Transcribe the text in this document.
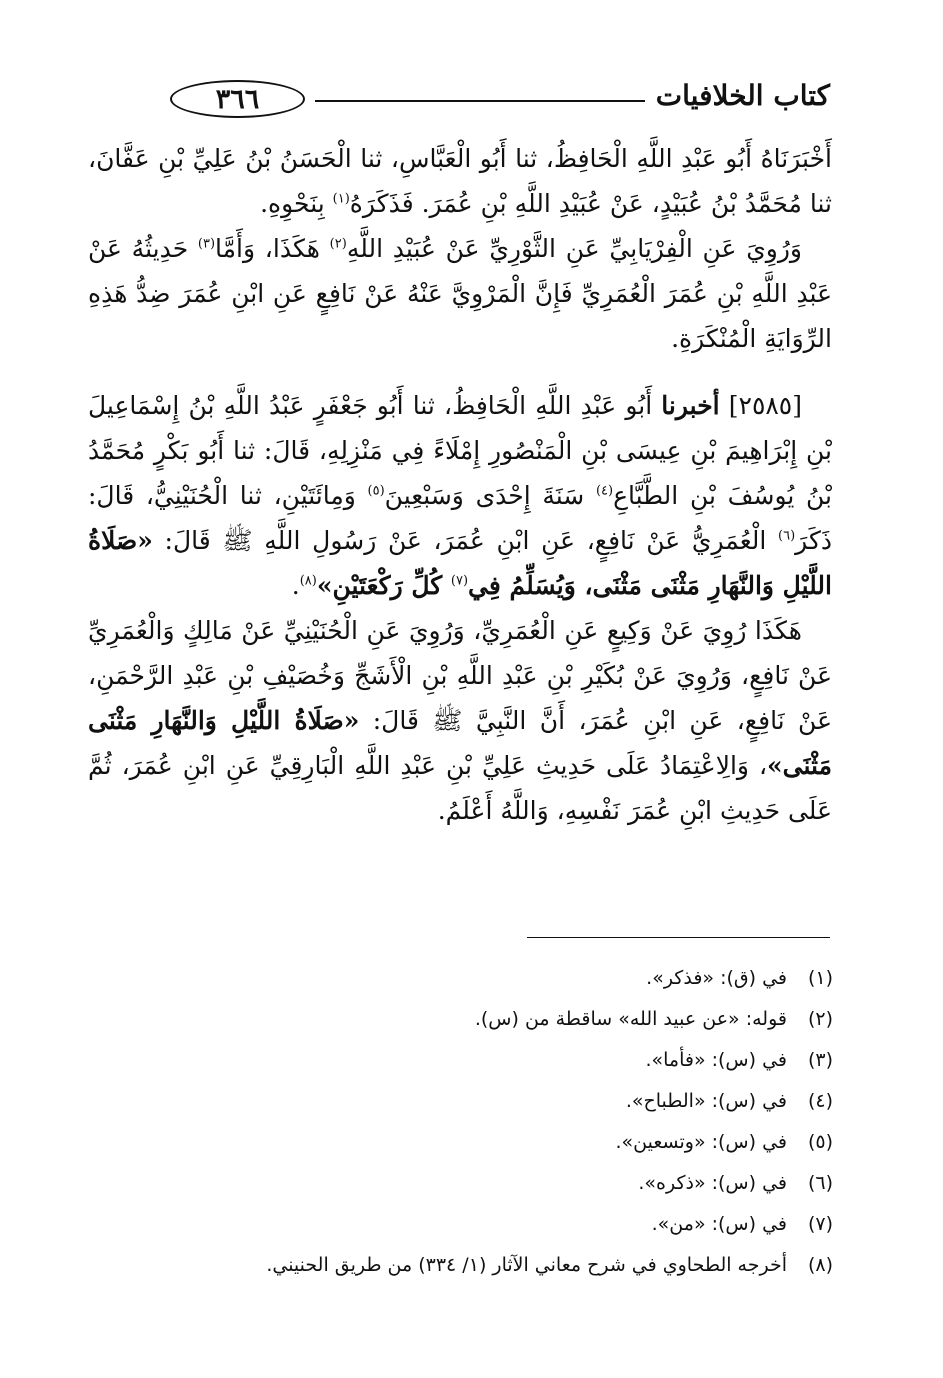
٣٦٦	كتاب الخلافيات

أَخْبَرَنَاهُ أَبُو عَبْدِ اللَّهِ الْحَافِظُ، ثنا أَبُو الْعَبَّاسِ، ثنا الْحَسَنُ بْنُ عَلِيِّ بْنِ عَفَّانَ، ثنا مُحَمَّدُ بْنُ عُبَيْدٍ، عَنْ عُبَيْدِ اللَّهِ بْنِ عُمَرَ. فَذَكَرَهُ$^{(١)}$ بِنَحْوِهِ.

وَرُوِيَ عَنِ الْفِرْيَابِيِّ عَنِ الثَّوْرِيِّ عَنْ عُبَيْدِ اللَّهِ$^{(٢)}$ هَكَذَا، وَأَمَّا$^{(٣)}$ حَدِيثُهُ عَنْ عَبْدِ اللَّهِ بْنِ عُمَرَ الْعُمَرِيِّ فَإِنَّ الْمَرْوِيَّ عَنْهُ عَنْ نَافِعٍ عَنِ ابْنِ عُمَرَ ضِدُّ هَذِهِ الرِّوَايَةِ الْمُنْكَرَةِ.

[٢٥٨٥] أخبرنا أَبُو عَبْدِ اللَّهِ الْحَافِظُ، ثنا أَبُو جَعْفَرٍ عَبْدُ اللَّهِ بْنُ إِسْمَاعِيلَ بْنِ إِبْرَاهِيمَ بْنِ عِيسَى بْنِ الْمَنْصُورِ إِمْلَاءً فِي مَنْزِلِهِ، قَالَ: ثنا أَبُو بَكْرٍ مُحَمَّدُ بْنُ يُوسُفَ بْنِ الطَّبَّاعِ$^{(٤)}$ سَنَةَ إِحْدَى وَسَبْعِينَ$^{(٥)}$ وَمِائَتَيْنِ، ثنا الْحُنَيْنِيُّ، قَالَ: ذَكَرَ$^{(٦)}$ الْعُمَرِيُّ عَنْ نَافِعٍ، عَنِ ابْنِ عُمَرَ، عَنْ رَسُولِ اللَّهِ ﷺ قَالَ: «صَلَاةُ اللَّيْلِ وَالنَّهَارِ مَثْنَى مَثْنَى، وَيُسَلِّمُ فِي$^{(٧)}$ كُلِّ رَكْعَتَيْنِ»$^{(٨)}$.

هَكَذَا رُوِيَ عَنْ وَكِيعٍ عَنِ الْعُمَرِيِّ، وَرُوِيَ عَنِ الْحُنَيْنِيِّ عَنْ مَالِكٍ وَالْعُمَرِيِّ عَنْ نَافِعٍ، وَرُوِيَ عَنْ بُكَيْرِ بْنِ عَبْدِ اللَّهِ بْنِ الْأَشَجِّ وَخُصَيْفِ بْنِ عَبْدِ الرَّحْمَنِ، عَنْ نَافِعٍ، عَنِ ابْنِ عُمَرَ، أَنَّ النَّبِيَّ ﷺ قَالَ: «صَلَاةُ اللَّيْلِ وَالنَّهَارِ مَثْنَى مَثْنَى»، وَالِاعْتِمَادُ عَلَى حَدِيثِ عَلِيِّ بْنِ عَبْدِ اللَّهِ الْبَارِقِيِّ عَنِ ابْنِ عُمَرَ، ثُمَّ عَلَى حَدِيثِ ابْنِ عُمَرَ نَفْسِهِ، وَاللَّهُ أَعْلَمُ.

(١)
في (ق): «فذكر».
(٢)
قوله: «عن عبيد الله» ساقطة من (س).
(٣)
في (س): «فأما».
(٤)
في (س): «الطباح».
(٥)
في (س): «وتسعين».
(٦)
في (س): «ذكره».
(٧)
في (س): «من».
(٨)
أخرجه الطحاوي في شرح معاني الآثار (١/ ٣٣٤) من طريق الحنيني.
